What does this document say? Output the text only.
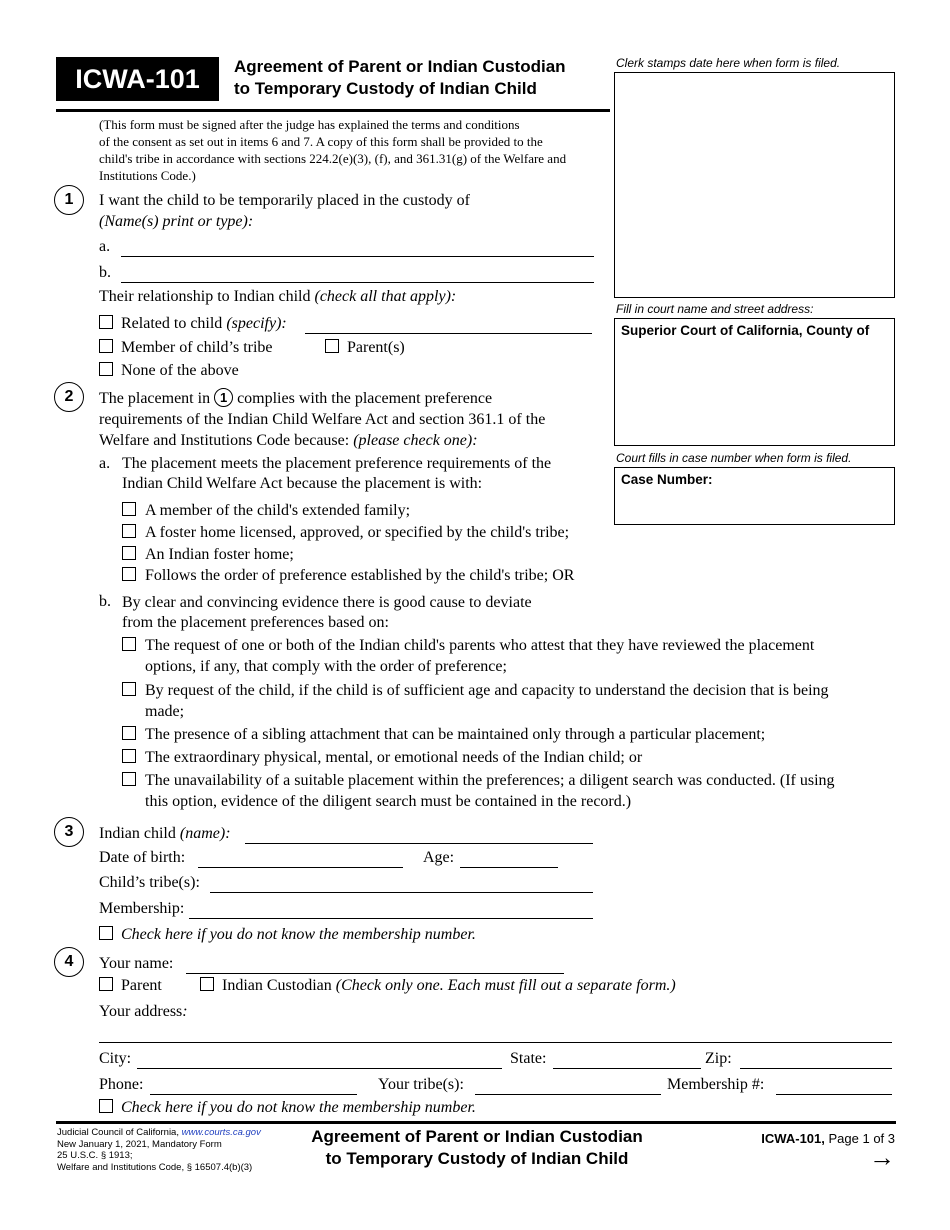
ICWA-101	Agreement of Parent or Indian Custodian
to Temporary Custody of Indian Child
Clerk stamps date here when form is filed.
Fill in court name and street address:
Superior Court of California, County of
Court fills in case number when form is filed.
Case Number:
(This form must be signed after the judge has explained the terms and conditions
of the consent as set out in items 6 and 7. A copy of this form shall be provided to the
child's tribe in accordance with sections 224.2(e)(3), (f), and 361.31(g) of the Welfare and
Institutions Code.)
1	I want the child to be temporarily placed in the custody of
(Name(s) print or type):
a.
b.
Their relationship to Indian child (check all that apply):
Related to child (specify):
Member of child’s tribe	Parent(s)
None of the above
2	The placement in 1 complies with the placement preference
requirements of the Indian Child Welfare Act and section 361.1 of the
Welfare and Institutions Code because: (please check one):
a. The placement meets the placement preference requirements of the
Indian Child Welfare Act because the placement is with:
A member of the child's extended family;
A foster home licensed, approved, or specified by the child's tribe;
An Indian foster home;
Follows the order of preference established by the child's tribe; OR
b. By clear and convincing evidence there is good cause to deviate
from the placement preferences based on:
The request of one or both of the Indian child's parents who attest that they have reviewed the placement
options, if any, that comply with the order of preference;
By request of the child, if the child is of sufficient age and capacity to understand the decision that is being
made;
The presence of a sibling attachment that can be maintained only through a particular placement;
The extraordinary physical, mental, or emotional needs of the Indian child; or
The unavailability of a suitable placement within the preferences; a diligent search was conducted. (If using
this option, evidence of the diligent search must be contained in the record.)
3	Indian child (name):
Date of birth:	Age:
Child’s tribe(s):
Membership:
Check here if you do not know the membership number.
4	Your name:
Parent	Indian Custodian (Check only one. Each must fill out a separate form.)
Your address:
City:	State:	Zip:
Phone:	Your tribe(s):	Membership #:
Check here if you do not know the membership number.
Judicial Council of California, www.courts.ca.gov
New January 1, 2021, Mandatory Form
25 U.S.C. § 1913;
Welfare and Institutions Code, § 16507.4(b)(3)
Agreement of Parent or Indian Custodian
to Temporary Custody of Indian Child
ICWA-101, Page 1 of 3
→
